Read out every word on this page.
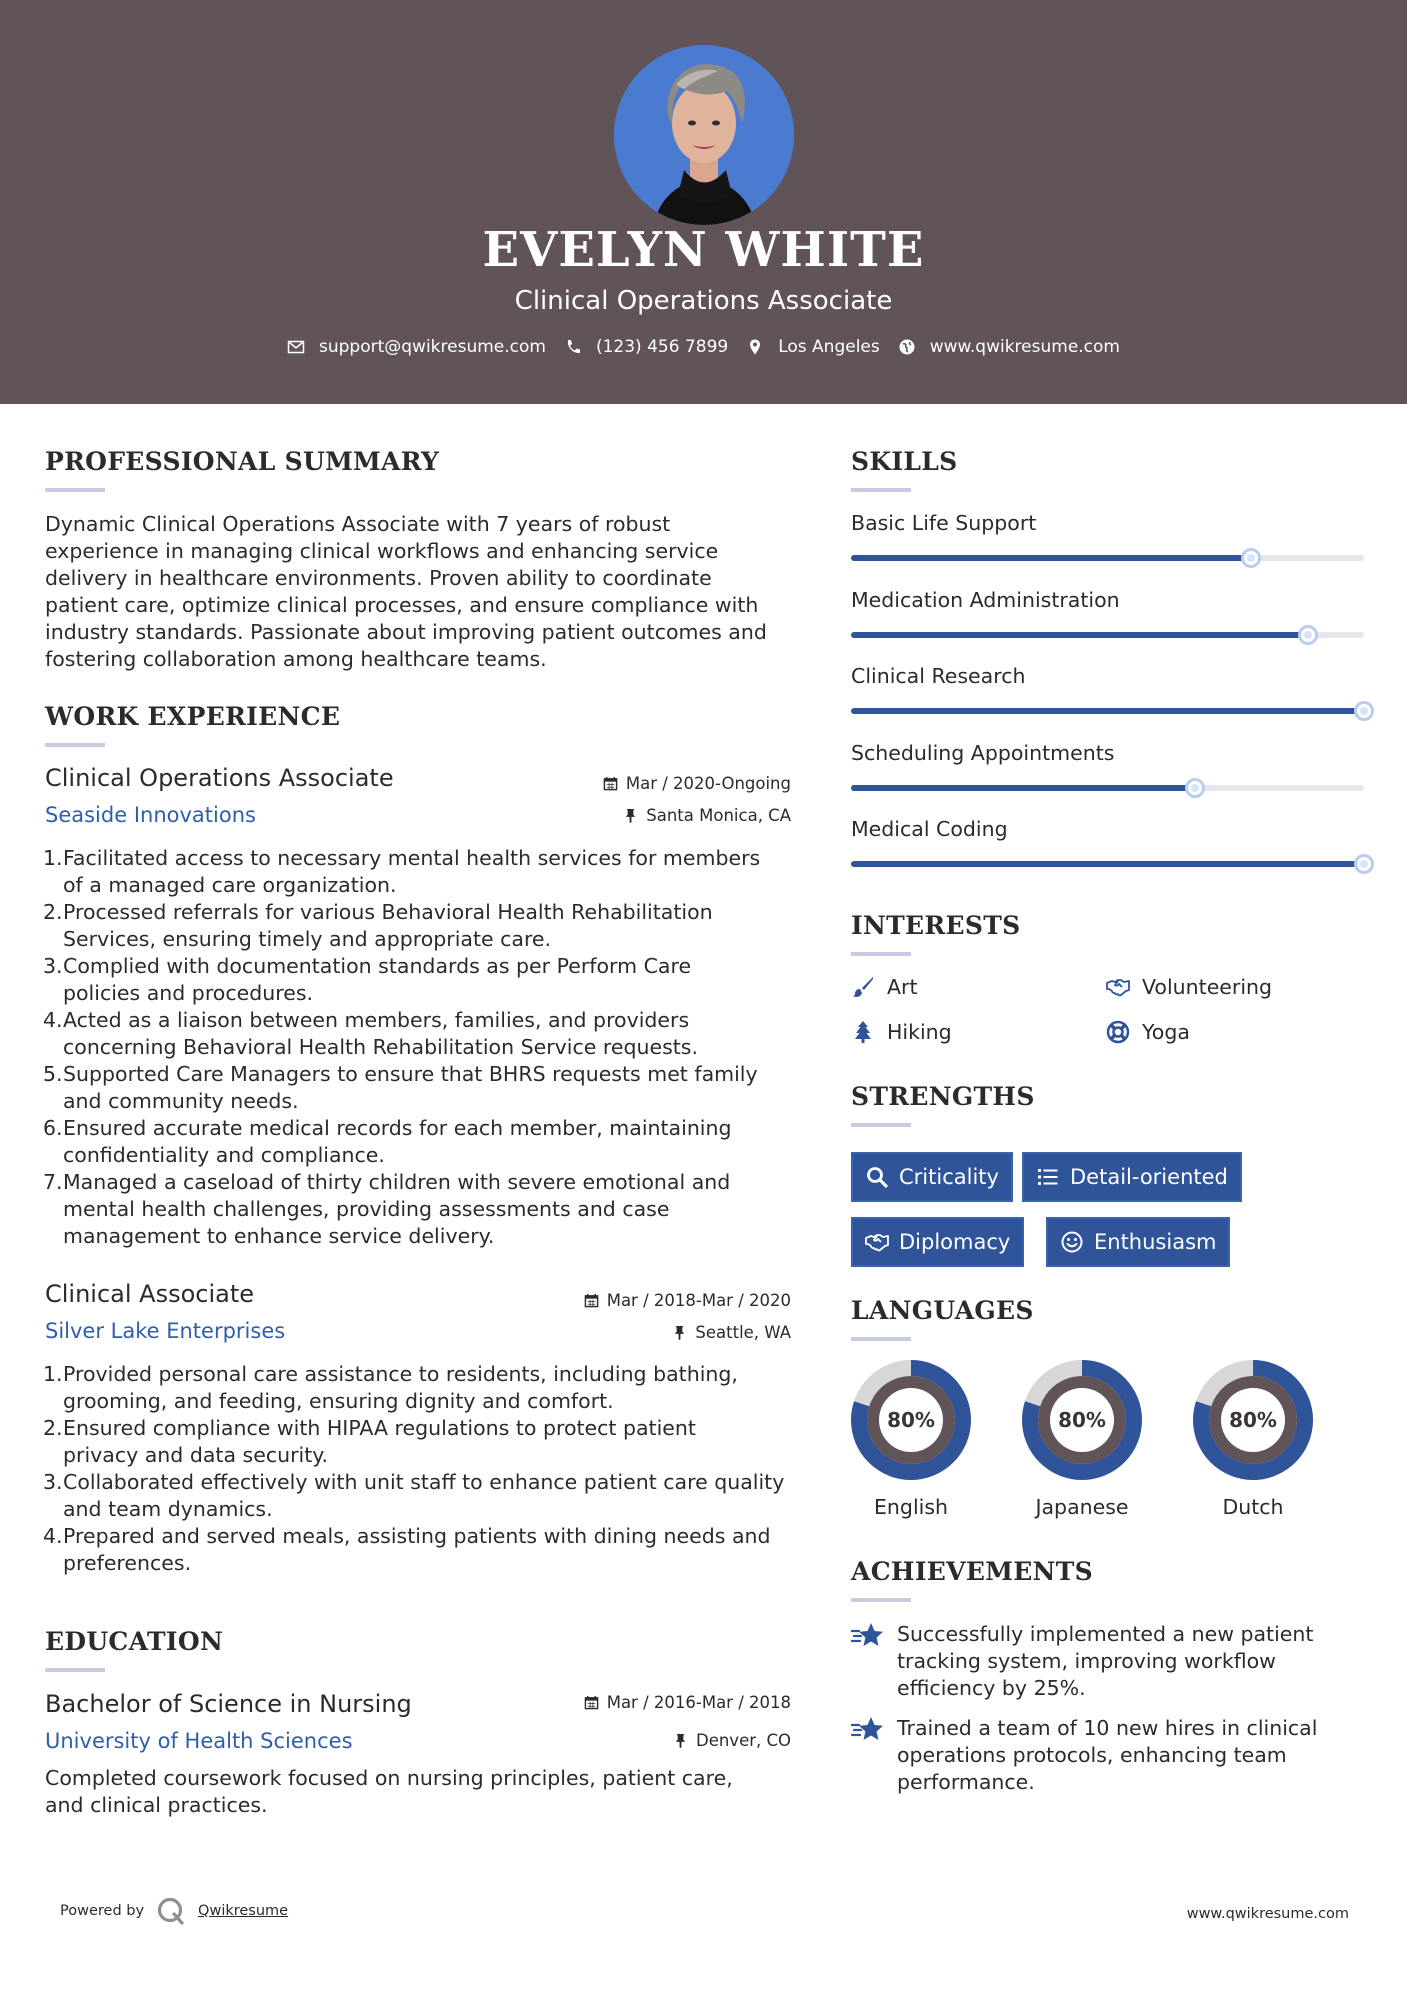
EVELYN WHITE
Clinical Operations Associate
support@qwikresume.com	(123) 456 7899	Los Angeles	www.qwikresume.com
PROFESSIONAL SUMMARY
Dynamic Clinical Operations Associate with 7 years of robust
experience in managing clinical workflows and enhancing service
delivery in healthcare environments. Proven ability to coordinate
patient care, optimize clinical processes, and ensure compliance with
industry standards. Passionate about improving patient outcomes and
fostering collaboration among healthcare teams.
WORK EXPERIENCE
Clinical Operations Associate	Mar / 2020-Ongoing
Seaside Innovations	Santa Monica, CA
1. Facilitated access to necessary mental health services for members
of a managed care organization.
2. Processed referrals for various Behavioral Health Rehabilitation
Services, ensuring timely and appropriate care.
3. Complied with documentation standards as per Perform Care
policies and procedures.
4. Acted as a liaison between members, families, and providers
concerning Behavioral Health Rehabilitation Service requests.
5. Supported Care Managers to ensure that BHRS requests met family
and community needs.
6. Ensured accurate medical records for each member, maintaining
confidentiality and compliance.
7. Managed a caseload of thirty children with severe emotional and
mental health challenges, providing assessments and case
management to enhance service delivery.
Clinical Associate	Mar / 2018-Mar / 2020
Silver Lake Enterprises	Seattle, WA
1. Provided personal care assistance to residents, including bathing,
grooming, and feeding, ensuring dignity and comfort.
2. Ensured compliance with HIPAA regulations to protect patient
privacy and data security.
3. Collaborated effectively with unit staff to enhance patient care quality
and team dynamics.
4. Prepared and served meals, assisting patients with dining needs and
preferences.
EDUCATION
Bachelor of Science in Nursing	Mar / 2016-Mar / 2018
University of Health Sciences	Denver, CO
Completed coursework focused on nursing principles, patient care,
and clinical practices.
SKILLS
Basic Life Support
Medication Administration
Clinical Research
Scheduling Appointments
Medical Coding
INTERESTS
Art	Volunteering
Hiking	Yoga
STRENGTHS
Criticality	Detail-oriented
Diplomacy	Enthusiasm
LANGUAGES
80%
English
80%
Japanese
80%
Dutch
ACHIEVEMENTS
Successfully implemented a new patient
tracking system, improving workflow
efficiency by 25%.
Trained a team of 10 new hires in clinical
operations protocols, enhancing team
performance.
Powered by	Qwikresume	www.qwikresume.com
